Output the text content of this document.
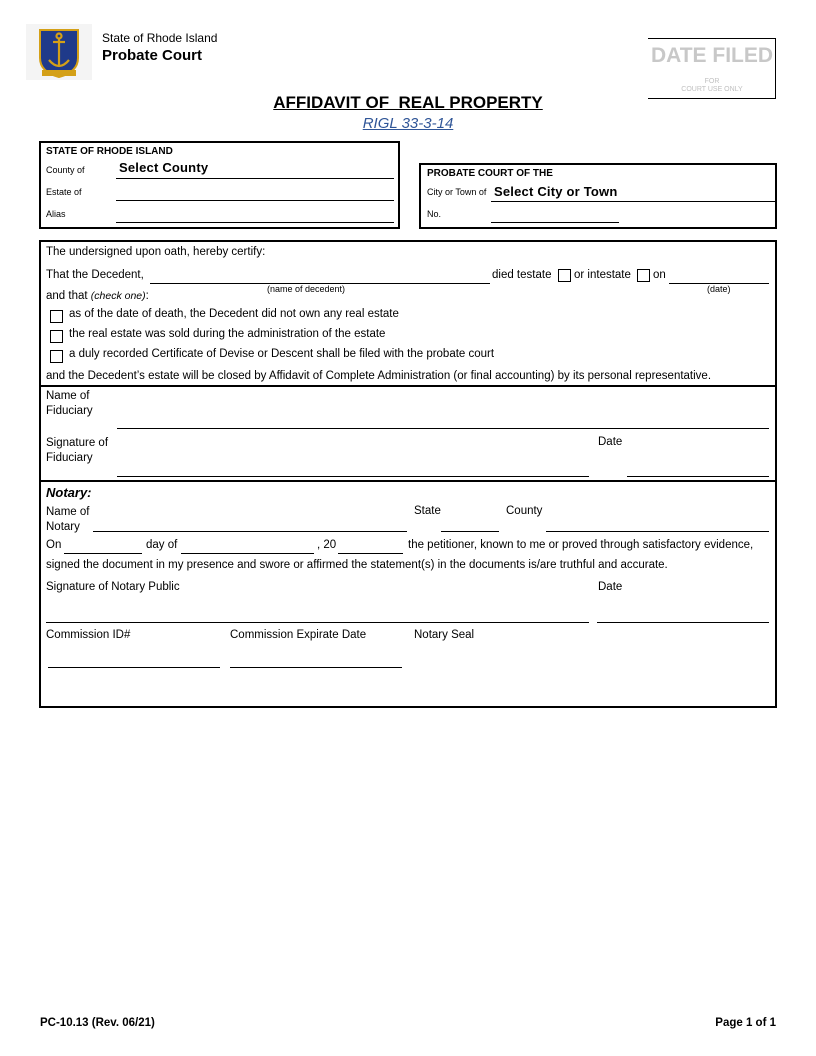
State of Rhode Island
Probate Court	DATE FILED
FOR
COURT USE ONLY
AFFIDAVIT OF  REAL PROPERTY
RIGL 33-3-14
STATE OF RHODE ISLAND
County of	Select County
Estate of
Alias
PROBATE COURT OF THE
City or Town of Select City or Town
No.
The undersigned upon oath, hereby certify:
That the Decedent,	died testate or intestate on
(name of decedent)	(date)
and that (check one):
as of the date of death, the Decedent did not own any real estate
the real estate was sold during the administration of the estate
a duly recorded Certificate of Devise or Descent shall be filed with the probate court
and the Decedent’s estate will be closed by Affidavit of Complete Administration (or final accounting) by its personal representative.
Name of
Fiduciary
Signature of
Fiduciary
Date
Notary:
Name of
Notary
State	County
On	day of	, 20	the petitioner, known to me or proved through satisfactory evidence,
signed the document in my presence and swore or affirmed the statement(s) in the documents is/are truthful and accurate.
Signature of Notary Public	Date
Commission ID#	Commission Expirate Date	Notary Seal
PC-10.13 (Rev. 06/21)	Page 1 of 1
